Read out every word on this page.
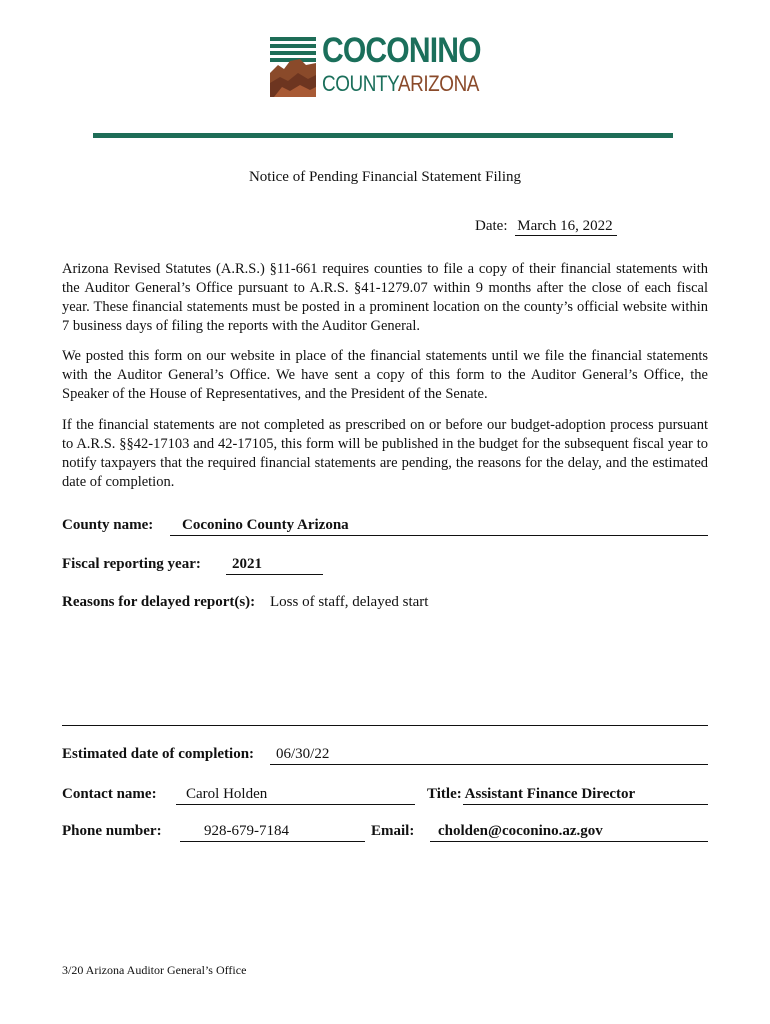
COCONINO
COUNTYARIZONA
Notice of Pending Financial Statement Filing
Date: March 16, 2022
Arizona Revised Statutes (A.R.S.) §11-661 requires counties to file a copy of their financial statements with the Auditor General’s Office pursuant to A.R.S. §41-1279.07 within 9 months after the close of each fiscal year. These financial statements must be posted in a prominent location on the county’s official website within 7 business days of filing the reports with the Auditor General.
We posted this form on our website in place of the financial statements until we file the financial statements with the Auditor General’s Office. We have sent a copy of this form to the Auditor General’s Office, the Speaker of the House of Representatives, and the President of the Senate.
If the financial statements are not completed as prescribed on or before our budget-adoption process pursuant to A.R.S. §§42-17103 and 42-17105, this form will be published in the budget for the subsequent fiscal year to notify taxpayers that the required financial statements are pending, the reasons for the delay, and the estimated date of completion.
County name: Coconino County Arizona
Fiscal reporting year: 2021
Reasons for delayed report(s): Loss of staff, delayed start
Estimated date of completion: 06/30/22
Contact name: Carol Holden	Title: Assistant Finance Director
Phone number:	928-679-7184	Email: cholden@coconino.az.gov
3/20 Arizona Auditor General’s Office
